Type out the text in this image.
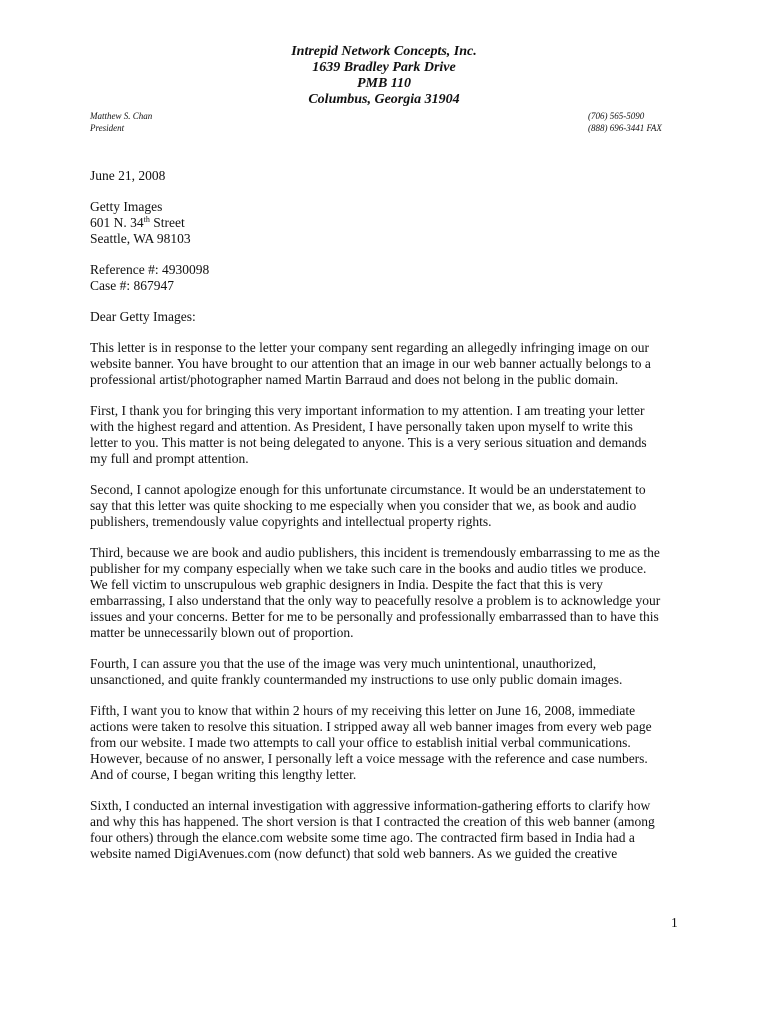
Intrepid Network Concepts, Inc.
1639 Bradley Park Drive
PMB 110
Columbus, Georgia 31904
Matthew S. Chan
President
(706) 565-5090
(888) 696-3441 FAX
June 21, 2008
Getty Images
601 N. 34th Street
Seattle, WA 98103
Reference #: 4930098
Case #: 867947
Dear Getty Images:
This letter is in response to the letter your company sent regarding an allegedly infringing image on our
website banner. You have brought to our attention that an image in our web banner actually belongs to a
professional artist/photographer named Martin Barraud and does not belong in the public domain.
First, I thank you for bringing this very important information to my attention. I am treating your letter
with the highest regard and attention. As President, I have personally taken upon myself to write this
letter to you. This matter is not being delegated to anyone. This is a very serious situation and demands
my full and prompt attention.
Second, I cannot apologize enough for this unfortunate circumstance. It would be an understatement to
say that this letter was quite shocking to me especially when you consider that we, as book and audio
publishers, tremendously value copyrights and intellectual property rights.
Third, because we are book and audio publishers, this incident is tremendously embarrassing to me as the
publisher for my company especially when we take such care in the books and audio titles we produce.
We fell victim to unscrupulous web graphic designers in India. Despite the fact that this is very
embarrassing, I also understand that the only way to peacefully resolve a problem is to acknowledge your
issues and your concerns. Better for me to be personally and professionally embarrassed than to have this
matter be unnecessarily blown out of proportion.
Fourth, I can assure you that the use of the image was very much unintentional, unauthorized,
unsanctioned, and quite frankly countermanded my instructions to use only public domain images.
Fifth, I want you to know that within 2 hours of my receiving this letter on June 16, 2008, immediate
actions were taken to resolve this situation. I stripped away all web banner images from every web page
from our website. I made two attempts to call your office to establish initial verbal communications.
However, because of no answer, I personally left a voice message with the reference and case numbers.
And of course, I began writing this lengthy letter.
Sixth, I conducted an internal investigation with aggressive information-gathering efforts to clarify how
and why this has happened. The short version is that I contracted the creation of this web banner (among
four others) through the elance.com website some time ago. The contracted firm based in India had a
website named DigiAvenues.com (now defunct) that sold web banners. As we guided the creative
1
